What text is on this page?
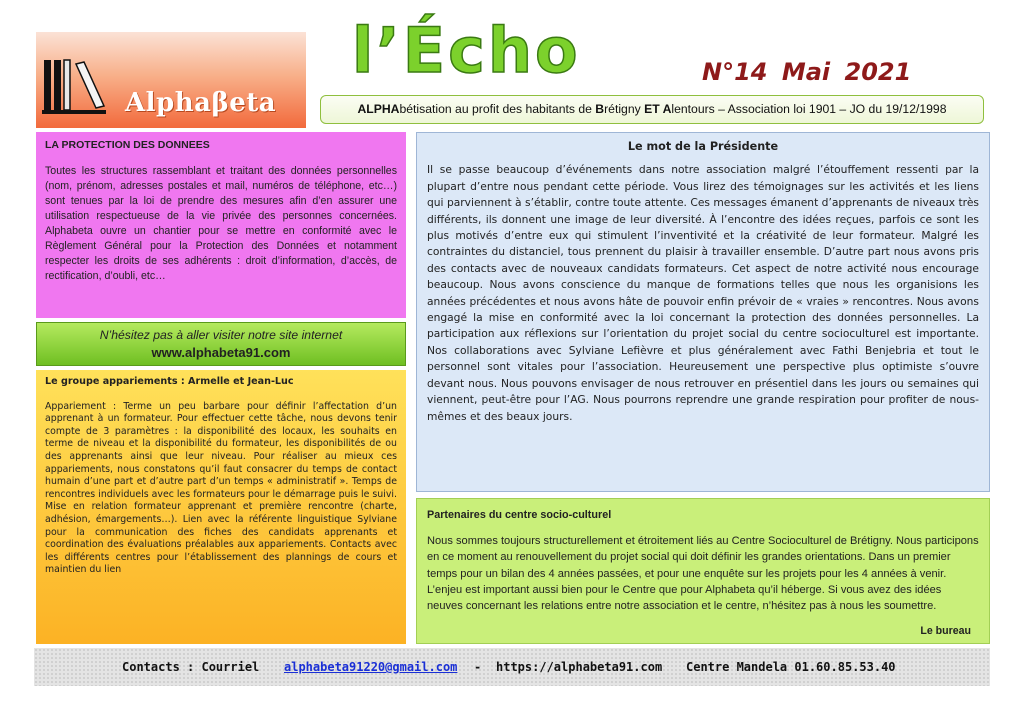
Alphaβeta
l’Écho	N°14 Mai 2021
ALPHAbétisation au profit des habitants de Brétigny ET Alentours – Association loi 1901 – JO du 19/12/1998
LA PROTECTION DES DONNEES

Toutes les structures rassemblant et traitant des données personnelles (nom, prénom, adresses postales et mail, numéros de téléphone, etc…) sont tenues par la loi de prendre des mesures afin d’en assurer une utilisation respectueuse de la vie privée des personnes concernées. Alphabeta ouvre un chantier pour se mettre en conformité avec le Règlement Général pour la Protection des Données et notamment respecter les droits de ses adhérents : droit d’information, d’accès, de rectification, d’oubli, etc…

N’hésitez pas à aller visiter notre site internet
www.alphabeta91.com
Le groupe appariements : Armelle et Jean-Luc

Appariement : Terme un peu barbare pour définir l’affectation d’un apprenant à un formateur. Pour effectuer cette tâche, nous devons tenir compte de 3 paramètres : la disponibilité des locaux, les souhaits en terme de niveau et la disponibilité du formateur, les disponibilités de ou des apprenants ainsi que leur niveau. Pour réaliser au mieux ces appariements, nous constatons qu’il faut consacrer du temps de contact humain d’une part et d’autre part d’un temps « administratif ». Temps de rencontres individuels avec les formateurs pour le démarrage puis le suivi. Mise en relation formateur apprenant et première rencontre (charte, adhésion, émargements…). Lien avec la référente linguistique Sylviane pour la communication des fiches des candidats apprenants et coordination des évaluations préalables aux appariements. Contacts avec les différents centres pour l’établissement des plannings de cours et maintien du lien

Le mot de la Présidente

Il se passe beaucoup d’événements dans notre association malgré l’étouffement ressenti par la plupart d’entre nous pendant cette période. Vous lirez des témoignages sur les activités et les liens qui parviennent à s’établir, contre toute attente. Ces messages émanent d’apprenants de niveaux très différents, ils donnent une image de leur diversité. À l’encontre des idées reçues, parfois ce sont les plus motivés d’entre eux qui stimulent l’inventivité et la créativité de leur formateur. Malgré les contraintes du distanciel, tous prennent du plaisir à travailler ensemble. D’autre part nous avons pris des contacts avec de nouveaux candidats formateurs. Cet aspect de notre activité nous encourage beaucoup. Nous avons conscience du manque de formations telles que nous les organisions les années précédentes et nous avons hâte de pouvoir enfin prévoir de « vraies » rencontres. Nous avons engagé la mise en conformité avec la loi concernant la protection des données personnelles. La participation aux réflexions sur l’orientation du projet social du centre socioculturel est importante. Nos collaborations avec Sylviane Lefièvre et plus généralement avec Fathi Benjebria et tout le personnel sont vitales pour l’association. Heureusement une perspective plus optimiste s’ouvre devant nous. Nous pouvons envisager de nous retrouver en présentiel dans les jours ou semaines qui viennent, peut-être pour l’AG. Nous pourrons reprendre une grande respiration pour profiter de nous-mêmes et des beaux jours.

Partenaires du centre socio-culturel

Nous sommes toujours structurellement et étroitement liés au Centre Socioculturel de Brétigny. Nous participons en ce moment au renouvellement du projet social qui doit définir les grandes orientations. Dans un premier temps pour un bilan des 4 années passées, et pour une enquête sur les projets pour les 4 années à venir. L’enjeu est important aussi bien pour le Centre que pour Alphabeta qu’il héberge. Si vous avez des idées neuves concernant les relations entre notre association et le centre, n’hésitez pas à nous les soumettre.

Le bureau
Contacts : Courriel alphabeta91220@gmail.com - https://alphabeta91.com Centre Mandela 01.60.85.53.40
